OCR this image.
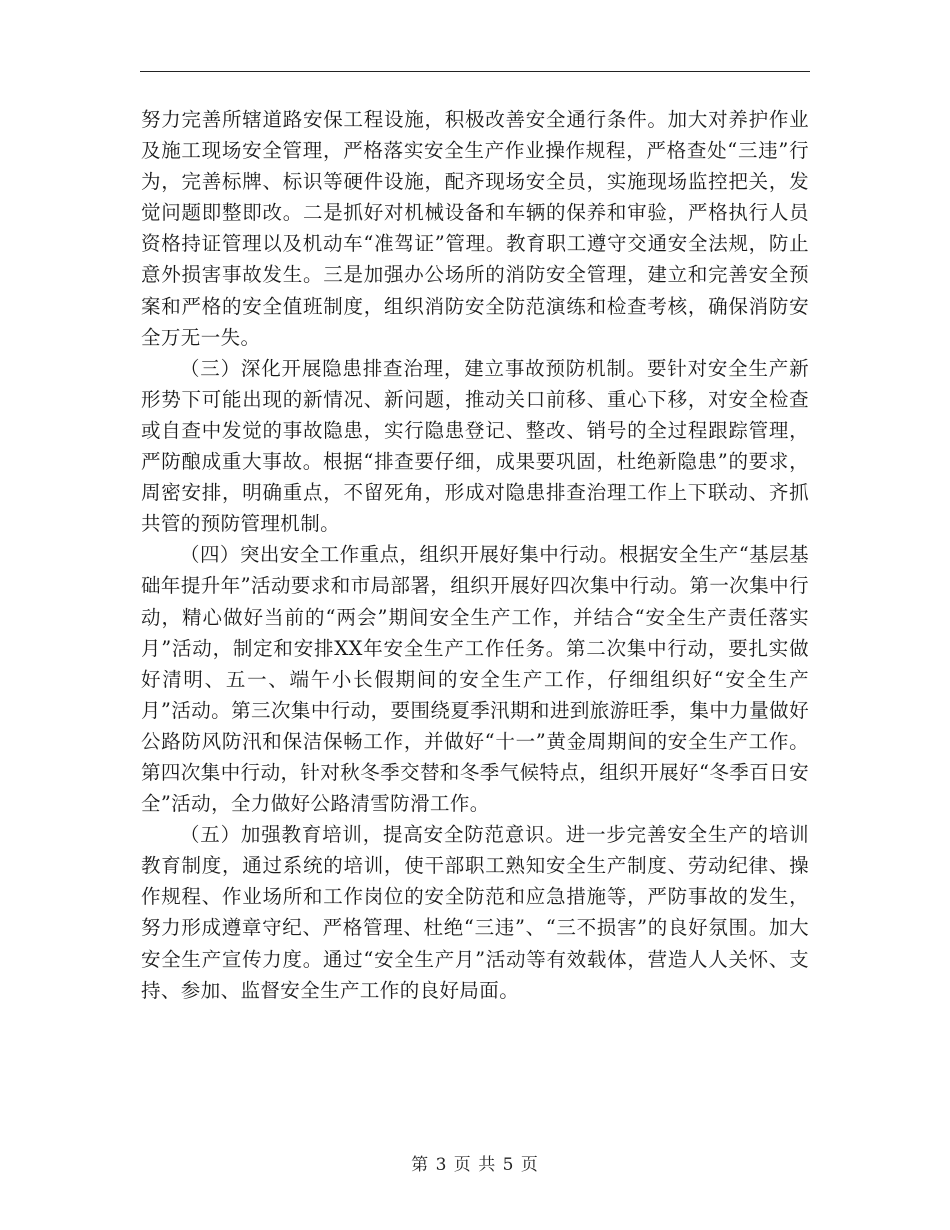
努力完善所辖道路安保工程设施，积极改善安全通行条件。加大对养护作业及施工现场安全管理，严格落实安全生产作业操作规程，严格查处“三违”行为，完善标牌、标识等硬件设施，配齐现场安全员，实施现场监控把关，发觉问题即整即改。二是抓好对机械设备和车辆的保养和审验，严格执行人员资格持证管理以及机动车“准驾证”管理。教育职工遵守交通安全法规，防止意外损害事故发生。三是加强办公场所的消防安全管理，建立和完善安全预案和严格的安全值班制度，组织消防安全防范演练和检查考核，确保消防安全万无一失。

（三）深化开展隐患排查治理，建立事故预防机制。要针对安全生产新形势下可能出现的新情况、新问题，推动关口前移、重心下移，对安全检查或自查中发觉的事故隐患，实行隐患登记、整改、销号的全过程跟踪管理，严防酿成重大事故。根据“排查要仔细，成果要巩固，杜绝新隐患”的要求，周密安排，明确重点，不留死角，形成对隐患排查治理工作上下联动、齐抓共管的预防管理机制。

（四）突出安全工作重点，组织开展好集中行动。根据安全生产“基层基础年提升年”活动要求和市局部署，组织开展好四次集中行动。第一次集中行动，精心做好当前的“两会”期间安全生产工作，并结合“安全生产责任落实月”活动，制定和安排XX年安全生产工作任务。第二次集中行动，要扎实做好清明、五一、端午小长假期间的安全生产工作，仔细组织好“安全生产月”活动。第三次集中行动，要围绕夏季汛期和进到旅游旺季，集中力量做好公路防风防汛和保洁保畅工作，并做好“十一”黄金周期间的安全生产工作。第四次集中行动，针对秋冬季交替和冬季气候特点，组织开展好“冬季百日安全”活动，全力做好公路清雪防滑工作。

（五）加强教育培训，提高安全防范意识。进一步完善安全生产的培训教育制度，通过系统的培训，使干部职工熟知安全生产制度、劳动纪律、操作规程、作业场所和工作岗位的安全防范和应急措施等，严防事故的发生，努力形成遵章守纪、严格管理、杜绝“三违”、“三不损害”的良好氛围。加大安全生产宣传力度。通过“安全生产月”活动等有效载体，营造人人关怀、支持、参加、监督安全生产工作的良好局面。

第 3 页 共 5 页
